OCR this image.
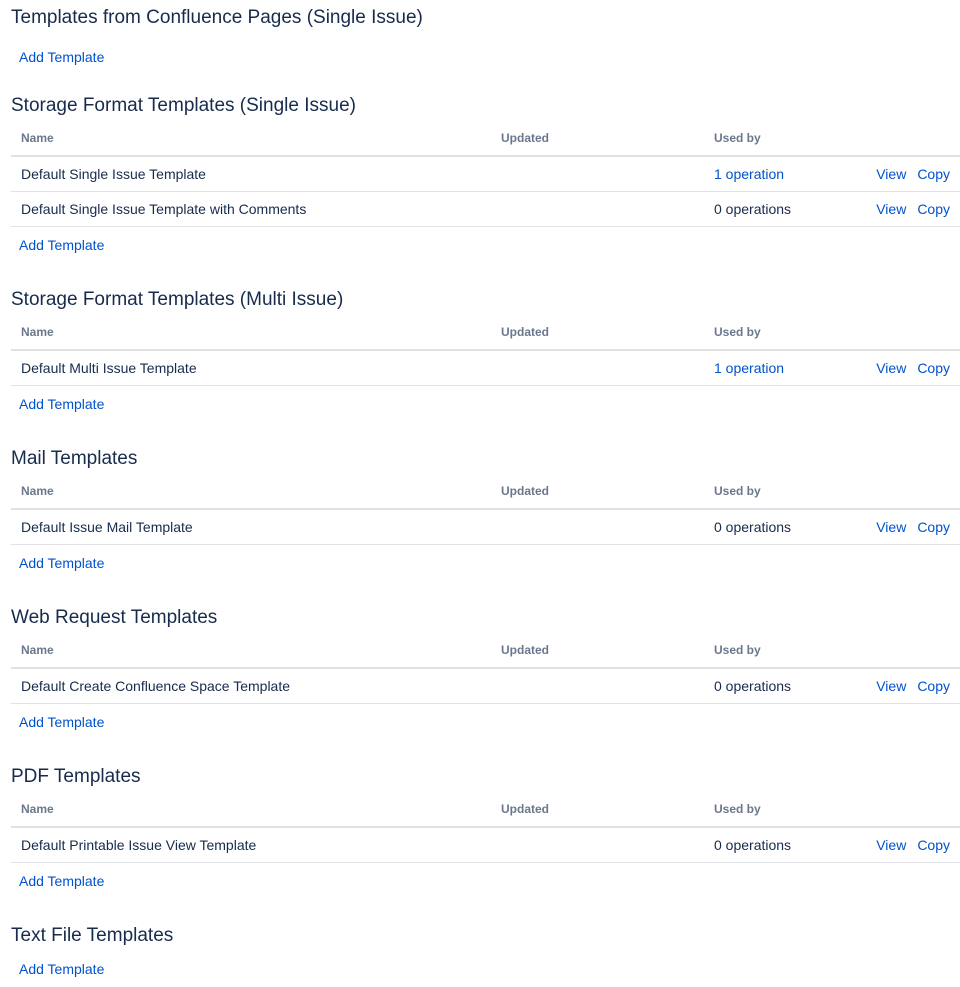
Templates from Confluence Pages (Single Issue)
Add Template
Storage Format Templates (Single Issue)
Name	Updated	Used by	
Default Single Issue Template		1 operation	View Copy
Default Single Issue Template with Comments		0 operations	View Copy
Add Template
Storage Format Templates (Multi Issue)
Name	Updated	Used by	
Default Multi Issue Template		1 operation	View Copy
Add Template
Mail Templates
Name	Updated	Used by	
Default Issue Mail Template		0 operations	View Copy
Add Template
Web Request Templates
Name	Updated	Used by	
Default Create Confluence Space Template		0 operations	View Copy
Add Template
PDF Templates
Name	Updated	Used by	
Default Printable Issue View Template		0 operations	View Copy
Add Template
Text File Templates
Add Template
